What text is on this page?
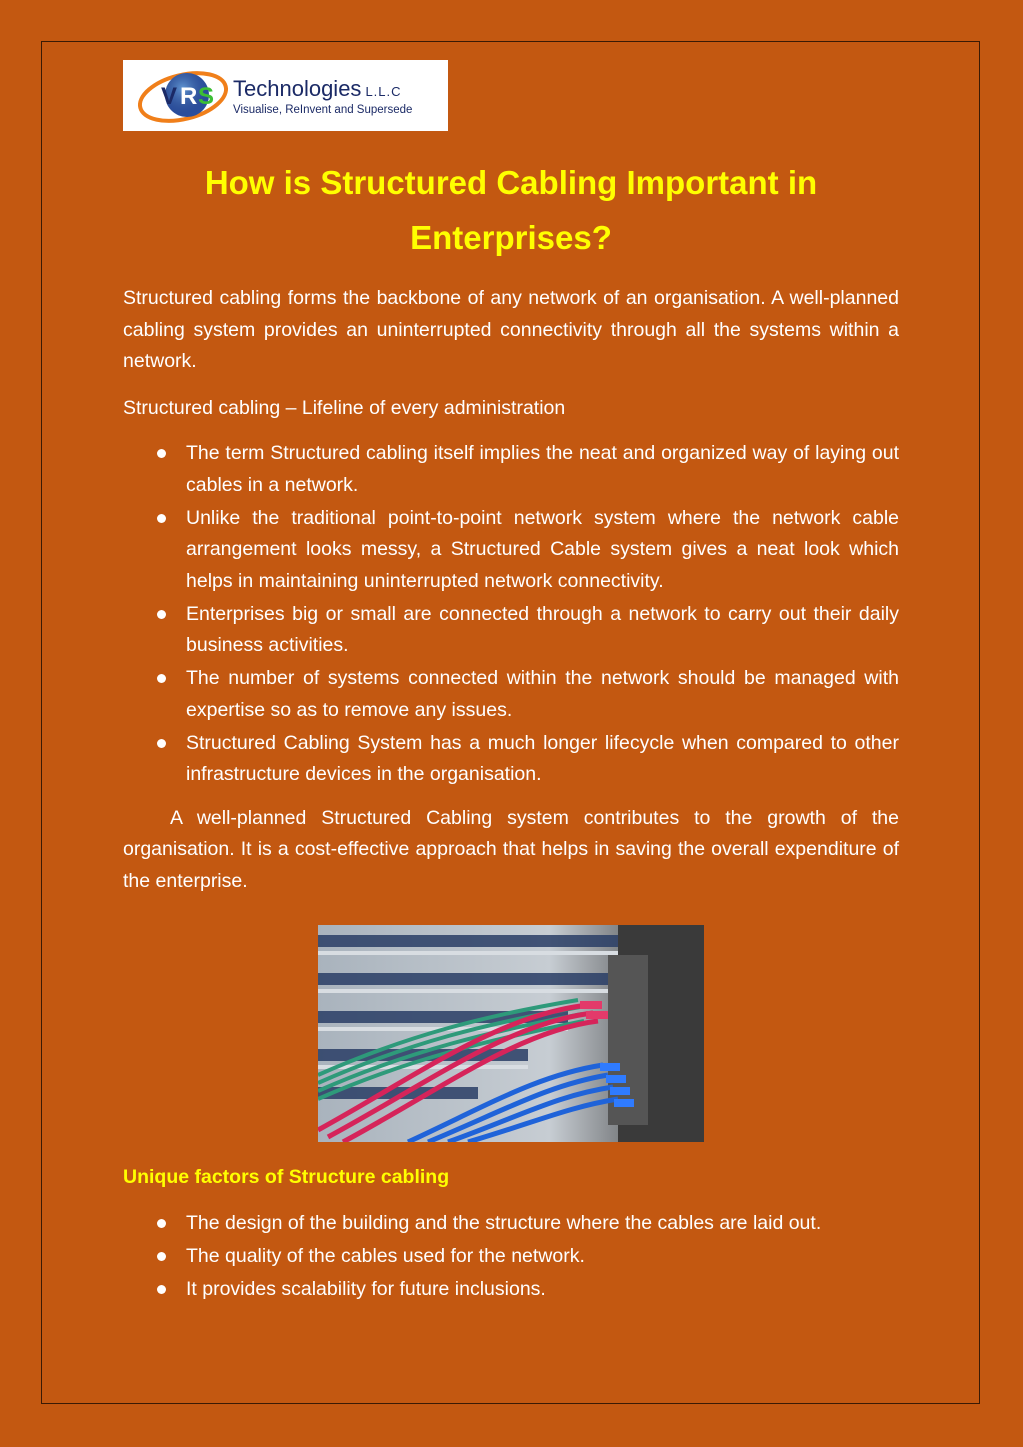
V R S Technologies L.L.C
Visualise, ReInvent and Supersede
How is Structured Cabling Important in Enterprises?

Structured cabling forms the backbone of any network of an organisation. A well-planned cabling system provides an uninterrupted connectivity through all the systems within a network.

Structured cabling – Lifeline of every administration

The term Structured cabling itself implies the neat and organized way of laying out cables in a network.
Unlike the traditional point-to-point network system where the network cable arrangement looks messy, a Structured Cable system gives a neat look which helps in maintaining uninterrupted network connectivity.
Enterprises big or small are connected through a network to carry out their daily business activities.
The number of systems connected within the network should be managed with expertise so as to remove any issues.
Structured Cabling System has a much longer lifecycle when compared to other infrastructure devices in the organisation.

A well-planned Structured Cabling system contributes to the growth of the organisation. It is a cost-effective approach that helps in saving the overall expenditure of the enterprise.

Unique factors of Structure cabling
The design of the building and the structure where the cables are laid out.
The quality of the cables used for the network.
It provides scalability for future inclusions.
